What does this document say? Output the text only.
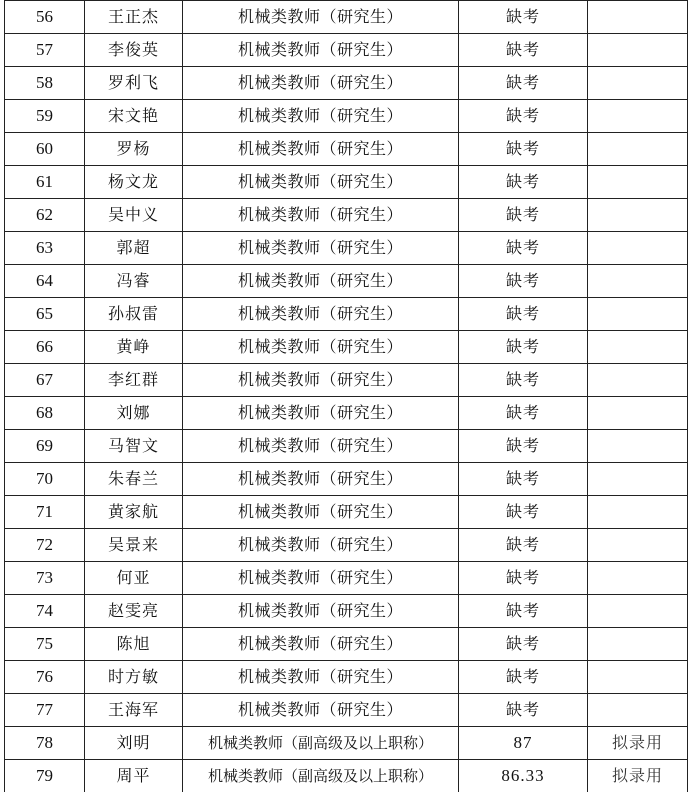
56	王正杰	机械类教师（研究生）	缺考	
57	李俊英	机械类教师（研究生）	缺考	
58	罗利飞	机械类教师（研究生）	缺考	
59	宋文艳	机械类教师（研究生）	缺考	
60	罗杨	机械类教师（研究生）	缺考	
61	杨文龙	机械类教师（研究生）	缺考	
62	吴中义	机械类教师（研究生）	缺考	
63	郭超	机械类教师（研究生）	缺考	
64	冯睿	机械类教师（研究生）	缺考	
65	孙叔雷	机械类教师（研究生）	缺考	
66	黄峥	机械类教师（研究生）	缺考	
67	李红群	机械类教师（研究生）	缺考	
68	刘娜	机械类教师（研究生）	缺考	
69	马智文	机械类教师（研究生）	缺考	
70	朱春兰	机械类教师（研究生）	缺考	
71	黄家航	机械类教师（研究生）	缺考	
72	吴景来	机械类教师（研究生）	缺考	
73	何亚	机械类教师（研究生）	缺考	
74	赵雯亮	机械类教师（研究生）	缺考	
75	陈旭	机械类教师（研究生）	缺考	
76	时方敏	机械类教师（研究生）	缺考	
77	王海军	机械类教师（研究生）	缺考	
78	刘明	机械类教师（副高级及以上职称）	87	拟录用
79	周平	机械类教师（副高级及以上职称）	86.33	拟录用
